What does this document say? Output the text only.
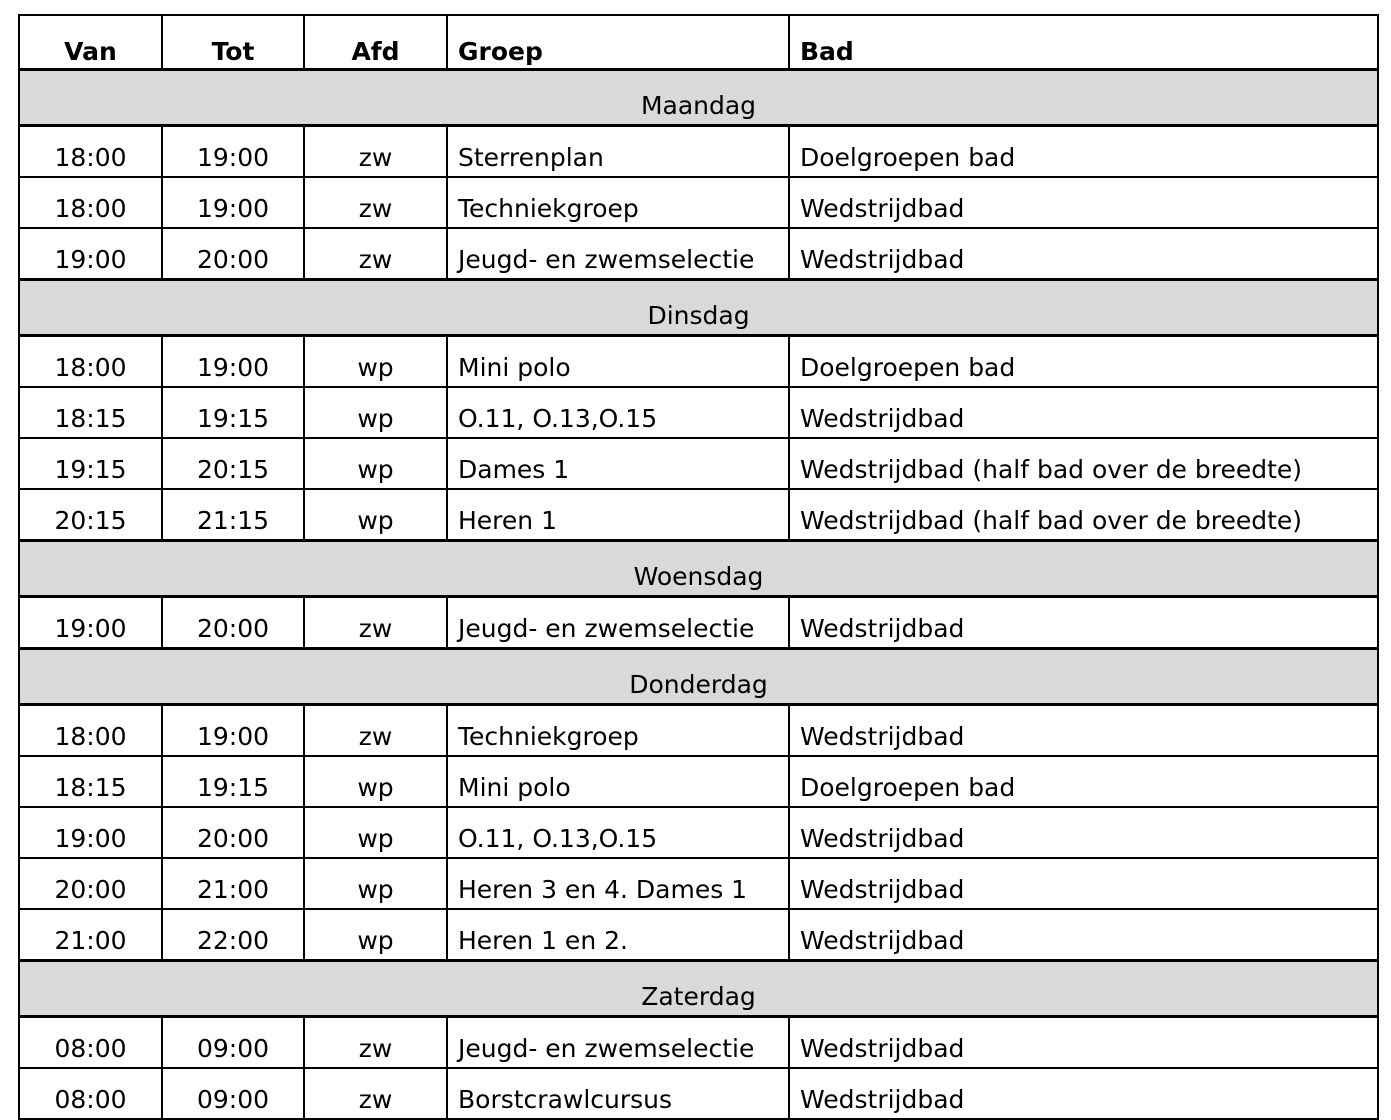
Van	Tot	Afd	Groep	Bad
Maandag				
18:00	19:00	zw	Sterrenplan	Doelgroepen bad
18:00	19:00	zw	Techniekgroep	Wedstrijdbad
19:00	20:00	zw	Jeugd- en zwemselectie	Wedstrijdbad
Dinsdag				
18:00	19:00	wp	Mini polo	Doelgroepen bad
18:15	19:15	wp	O.11, O.13,O.15	Wedstrijdbad
19:15	20:15	wp	Dames 1	Wedstrijdbad (half bad over de breedte)
20:15	21:15	wp	Heren 1	Wedstrijdbad (half bad over de breedte)
Woensdag				
19:00	20:00	zw	Jeugd- en zwemselectie	Wedstrijdbad
Donderdag				
18:00	19:00	zw	Techniekgroep	Wedstrijdbad
18:15	19:15	wp	Mini polo	Doelgroepen bad
19:00	20:00	wp	O.11, O.13,O.15	Wedstrijdbad
20:00	21:00	wp	Heren 3 en 4. Dames 1	Wedstrijdbad
21:00	22:00	wp	Heren 1 en 2.	Wedstrijdbad
Zaterdag				
08:00	09:00	zw	Jeugd- en zwemselectie	Wedstrijdbad
08:00	09:00	zw	Borstcrawlcursus	Wedstrijdbad
